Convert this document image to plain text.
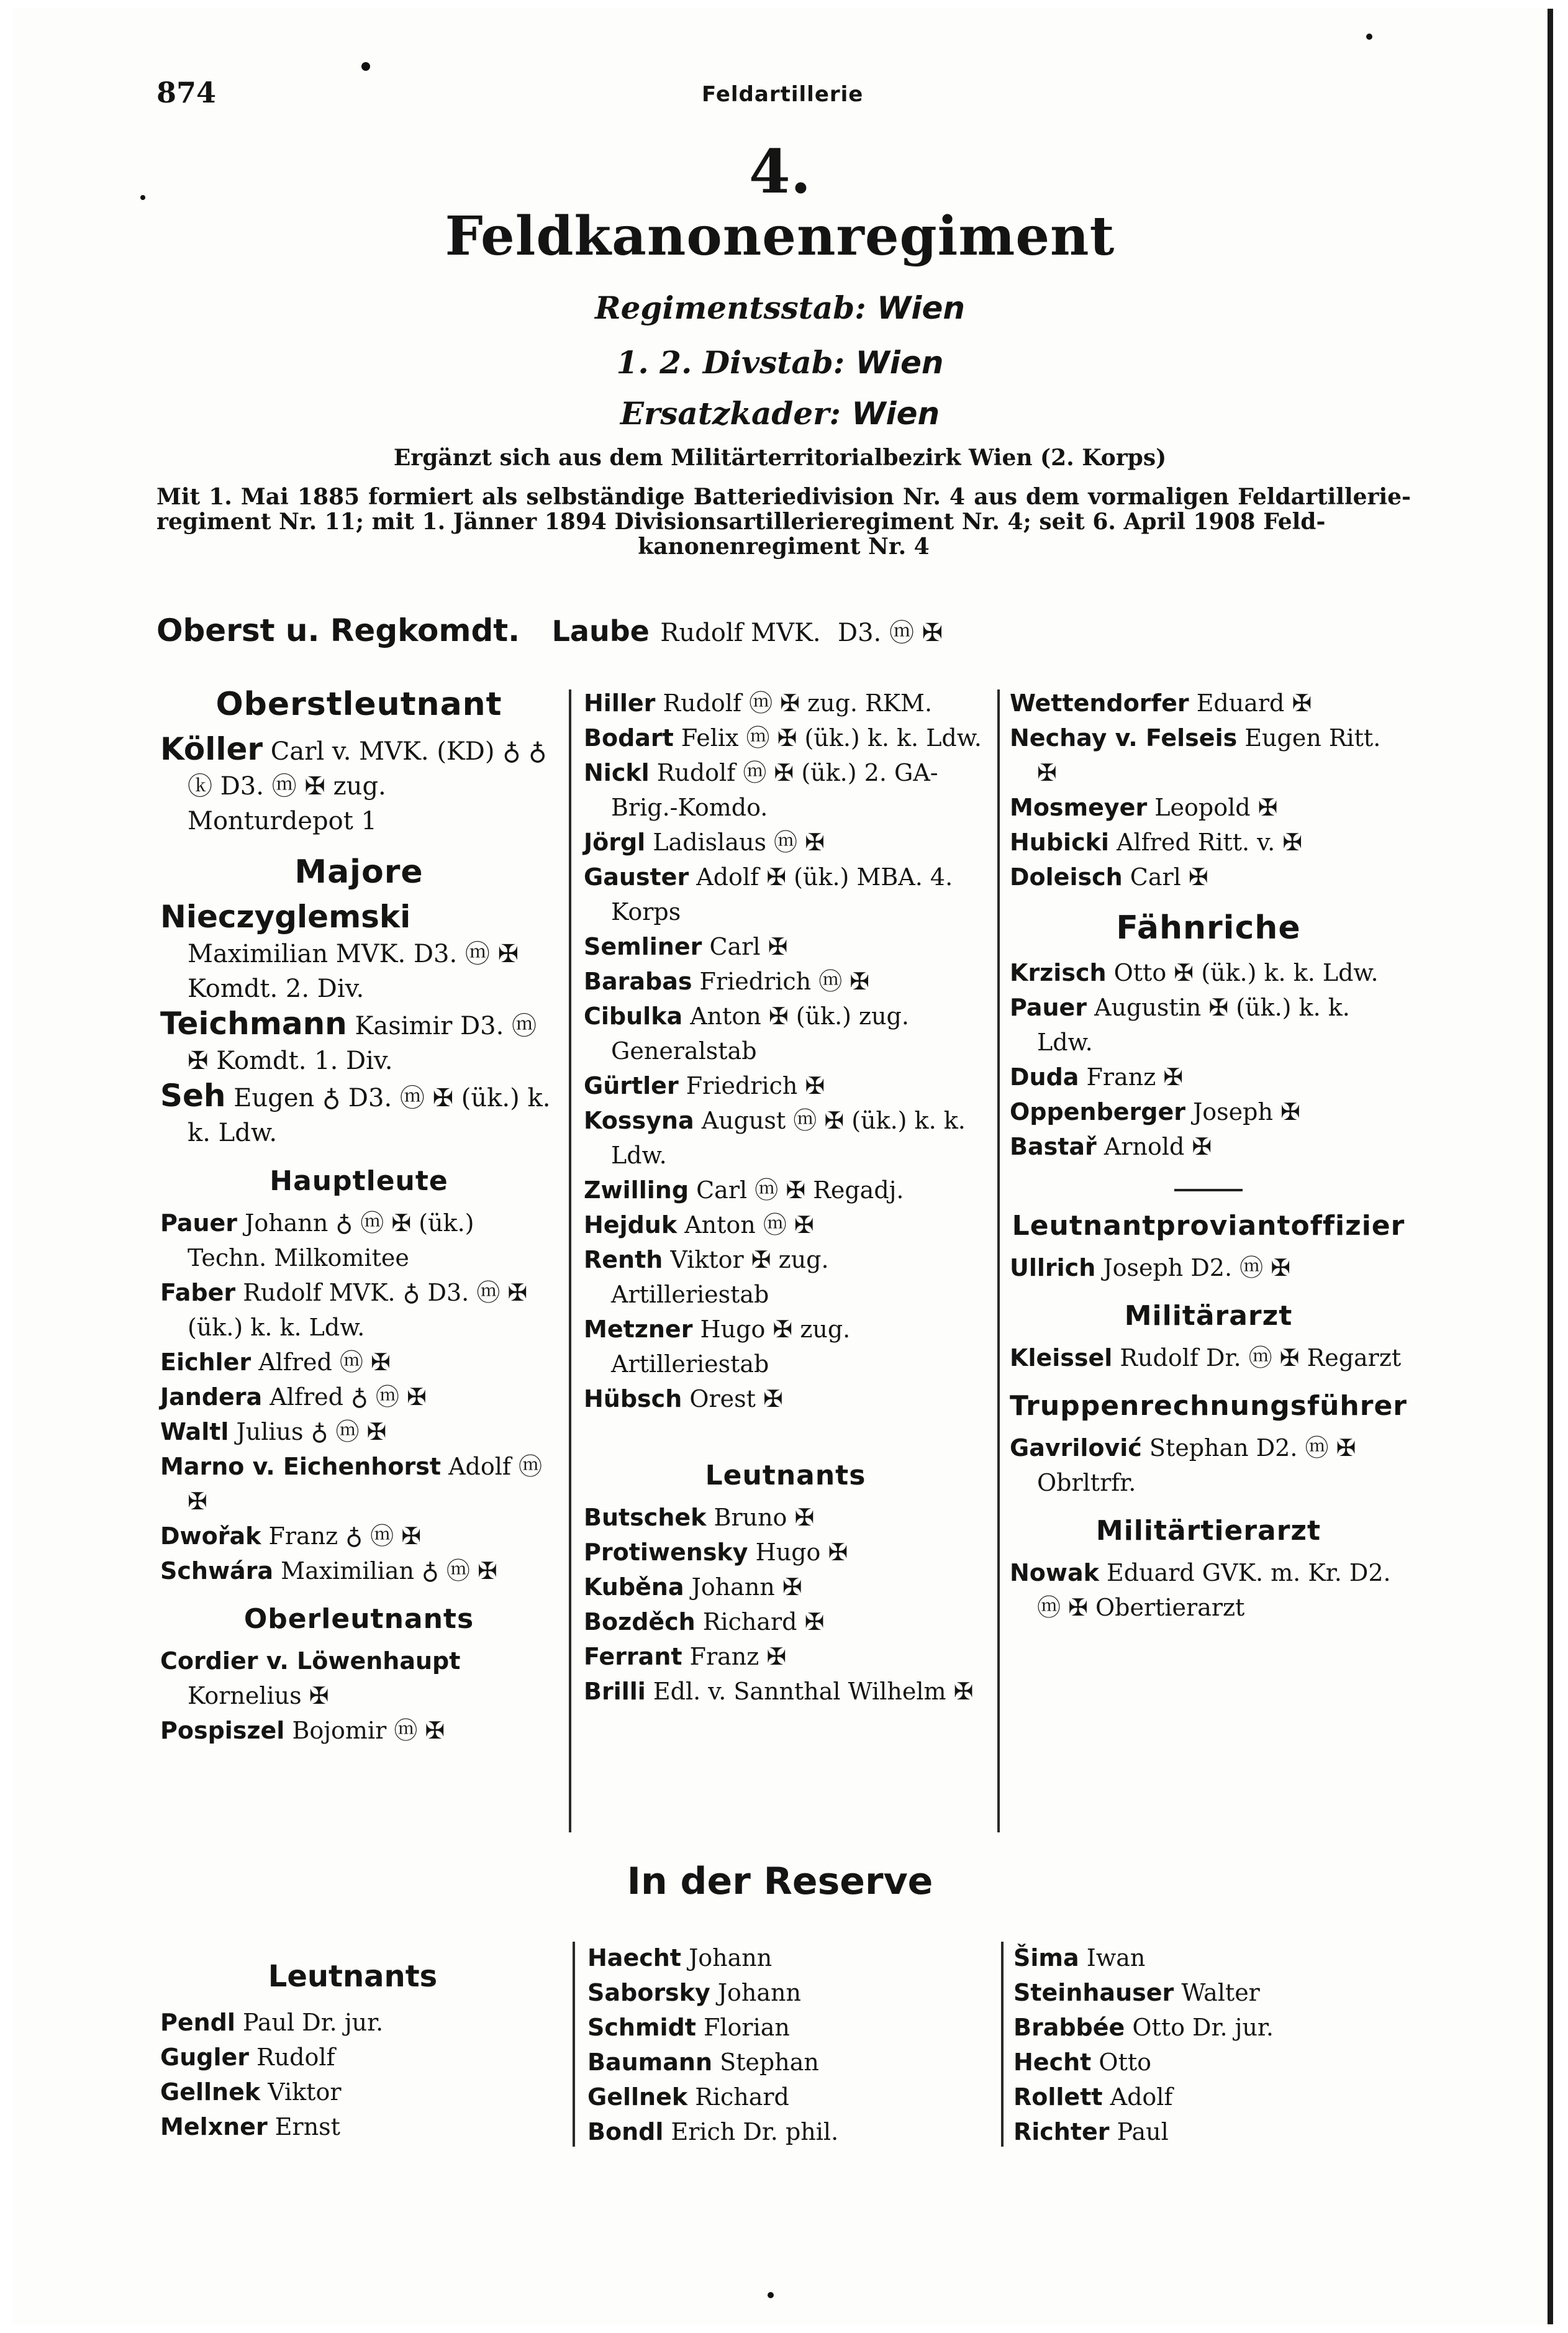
874	Feldartillerie
4.
Feldkanonenregiment
Regimentsstab: Wien
1. 2. Divstab: Wien
Ersatzkader: Wien
Ergänzt sich aus dem Militärterritorialbezirk Wien (2. Korps)
Mit 1. Mai 1885 formiert als selbständige Batteriedivision Nr. 4 aus dem vormaligen Feldartillerie- regiment Nr. 11; mit 1. Jänner 1894 Divisionsartillerieregiment Nr. 4; seit 6. April 1908 Feld-
kanonenregiment Nr. 4
Oberst u. Regkomdt. Laube Rudolf MVK. D3. ⓜ ✠
Oberstleutnant

Köller Carl v. MVK. (KD) ♁ ♁ ⓚ D3. ⓜ ✠ zug. Monturdepot 1

Majore

Nieczyglemski Maximilian MVK. D3. ⓜ ✠ Komdt. 2. Div.

Teichmann Kasimir D3. ⓜ ✠ Komdt. 1. Div.

Seh Eugen ♁ D3. ⓜ ✠ (ük.) k. k. Ldw.

Hauptleute

Pauer Johann ♁ ⓜ ✠ (ük.) Techn. Milkomitee

Faber Rudolf MVK. ♁ D3. ⓜ ✠ (ük.) k. k. Ldw.

Eichler Alfred ⓜ ✠

Jandera Alfred ♁ ⓜ ✠

Waltl Julius ♁ ⓜ ✠

Marno v. Eichenhorst Adolf ⓜ ✠

Dwořak Franz ♁ ⓜ ✠

Schwára Maximilian ♁ ⓜ ✠

Oberleutnants

Cordier v. Löwenhaupt Kornelius ✠

Pospiszel Bojomir ⓜ ✠

Hiller Rudolf ⓜ ✠ zug. RKM.

Bodart Felix ⓜ ✠ (ük.) k. k. Ldw.

Nickl Rudolf ⓜ ✠ (ük.) 2. GA-Brig.-Komdo.

Jörgl Ladislaus ⓜ ✠

Gauster Adolf ✠ (ük.) MBA. 4. Korps

Semliner Carl ✠

Barabas Friedrich ⓜ ✠

Cibulka Anton ✠ (ük.) zug. Generalstab

Gürtler Friedrich ✠

Kossyna August ⓜ ✠ (ük.) k. k. Ldw.

Zwilling Carl ⓜ ✠ Regadj.

Hejduk Anton ⓜ ✠

Renth Viktor ✠ zug. Artilleriestab

Metzner Hugo ✠ zug. Artilleriestab

Hübsch Orest ✠

Leutnants

Butschek Bruno ✠

Protiwensky Hugo ✠

Kuběna Johann ✠

Bozděch Richard ✠

Ferrant Franz ✠

Brilli Edl. v. Sannthal Wilhelm ✠

Wettendorfer Eduard ✠

Nechay v. Felseis Eugen Ritt. ✠

Mosmeyer Leopold ✠

Hubicki Alfred Ritt. v. ✠

Doleisch Carl ✠

Fähnriche

Krzisch Otto ✠ (ük.) k. k. Ldw.

Pauer Augustin ✠ (ük.) k. k. Ldw.

Duda Franz ✠

Oppenberger Joseph ✠

Bastař Arnold ✠

Leutnantproviantoffizier

Ullrich Joseph D2. ⓜ ✠

Militärarzt

Kleissel Rudolf Dr. ⓜ ✠ Regarzt

Truppenrechnungsführer

Gavrilović Stephan D2. ⓜ ✠ Obrltrfr.

Militärtierarzt

Nowak Eduard GVK. m. Kr. D2. ⓜ ✠ Obertierarzt

In der Reserve
Leutnants

Pendl Paul Dr. jur.

Gugler Rudolf

Gellnek Viktor

Melxner Ernst

Haecht Johann

Saborsky Johann

Schmidt Florian

Baumann Stephan

Gellnek Richard

Bondl Erich Dr. phil.

Šima Iwan

Steinhauser Walter

Brabbée Otto Dr. jur.

Hecht Otto

Rollett Adolf

Richter Paul
